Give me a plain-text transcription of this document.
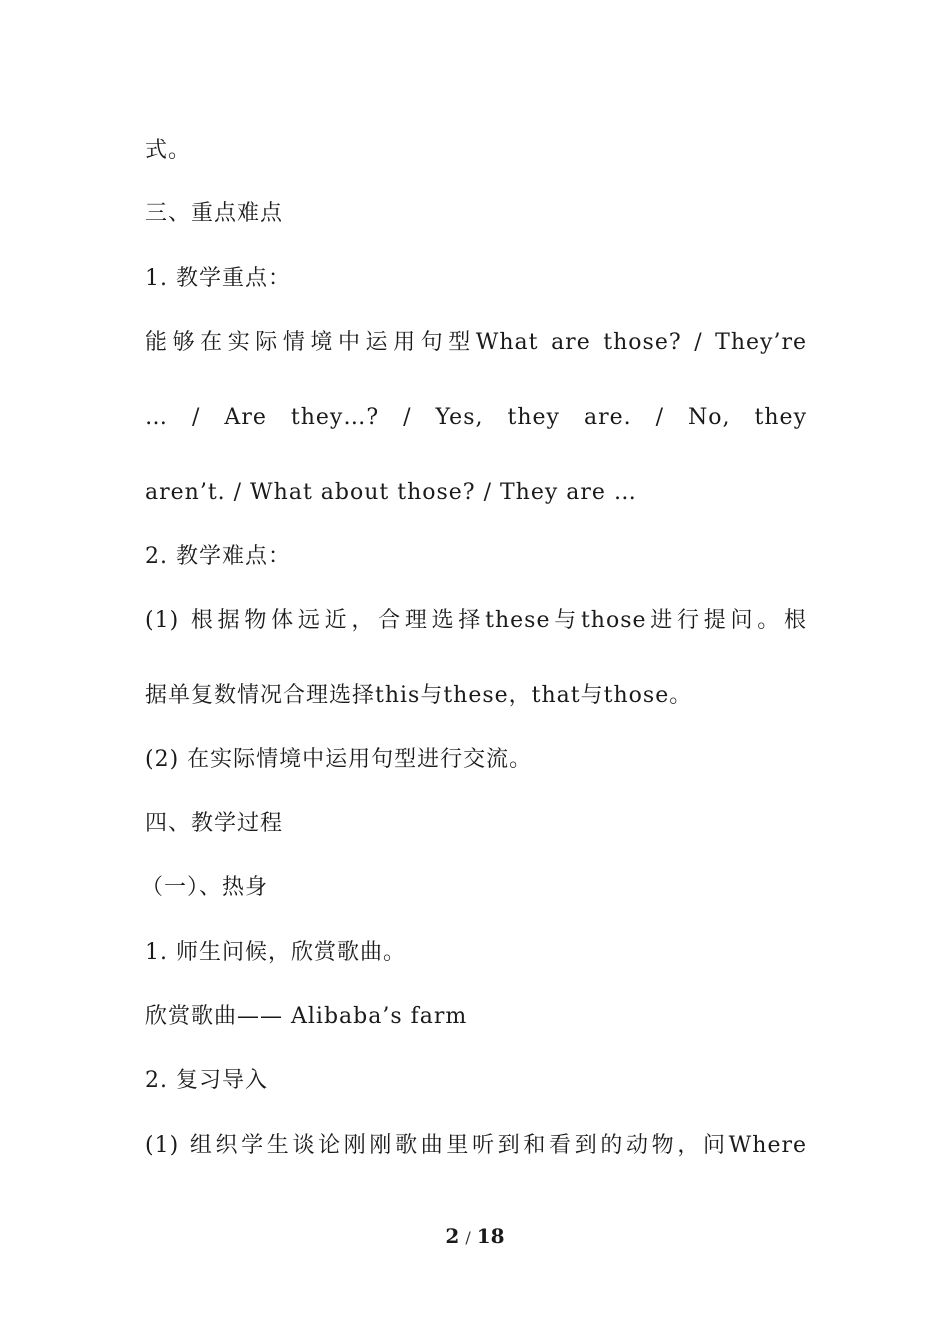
式。
三、重点难点
1. 教学重点：
能够在实际情境中运用句型What are those? / They’re
… / Are they…? / Yes, they are. / No, they
aren’t. / What about those? / They are …
2. 教学难点：
(1) 根据物体远近，合理选择these与those进行提问。根
据单复数情况合理选择this与these，that与those。
(2) 在实际情境中运用句型进行交流。
四、教学过程
（一）、热身
1. 师生问候，欣赏歌曲。
欣赏歌曲—— Alibaba’s farm
2. 复习导入
(1) 组织学生谈论刚刚歌曲里听到和看到的动物，问Where
2 / 18
